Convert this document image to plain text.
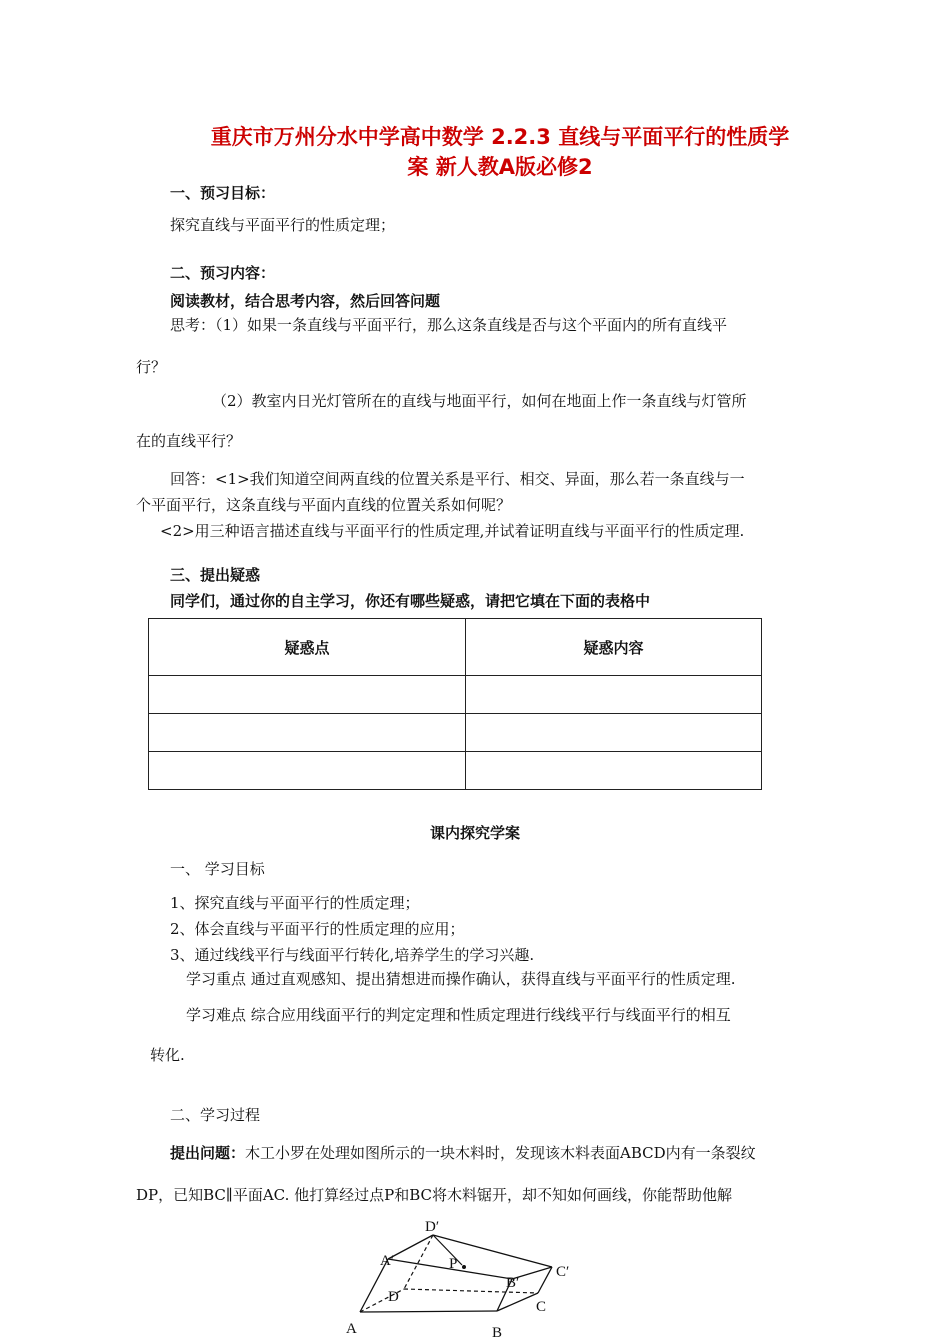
重庆市万州分水中学高中数学 2.2.3 直线与平面平行的性质学
案 新人教A版必修2
一、预习目标：
探究直线与平面平行的性质定理；
二、预习内容：
阅读教材，结合思考内容，然后回答问题
思考：（1）如果一条直线与平面平行，那么这条直线是否与这个平面内的所有直线平
行？
（2）教室内日光灯管所在的直线与地面平行，如何在地面上作一条直线与灯管所
在的直线平行？
回答：<1>我们知道空间两直线的位置关系是平行、相交、异面，那么若一条直线与一
个平面平行，这条直线与平面内直线的位置关系如何呢？
<2>用三种语言描述直线与平面平行的性质定理,并试着证明直线与平面平行的性质定理.
三、提出疑惑
同学们，通过你的自主学习，你还有哪些疑惑，请把它填在下面的表格中
疑惑点	疑惑内容

课内探究学案
一、 学习目标
1、探究直线与平面平行的性质定理；
2、体会直线与平面平行的性质定理的应用；
3、通过线线平行与线面平行转化,培养学生的学习兴趣.
学习重点 通过直观感知、提出猜想进而操作确认，获得直线与平面平行的性质定理.
学习难点 综合应用线面平行的判定定理和性质定理进行线线平行与线面平行的相互
转化.
二、学习过程
提出问题：木工小罗在处理如图所示的一块木料时，发现该木料表面ABCD内有一条裂纹
DP，已知BC∥平面AC. 他打算经过点P和BC将木料锯开，却不知如何画线，你能帮助他解
D′
A′	P
B′
C′
D
C
A	B
